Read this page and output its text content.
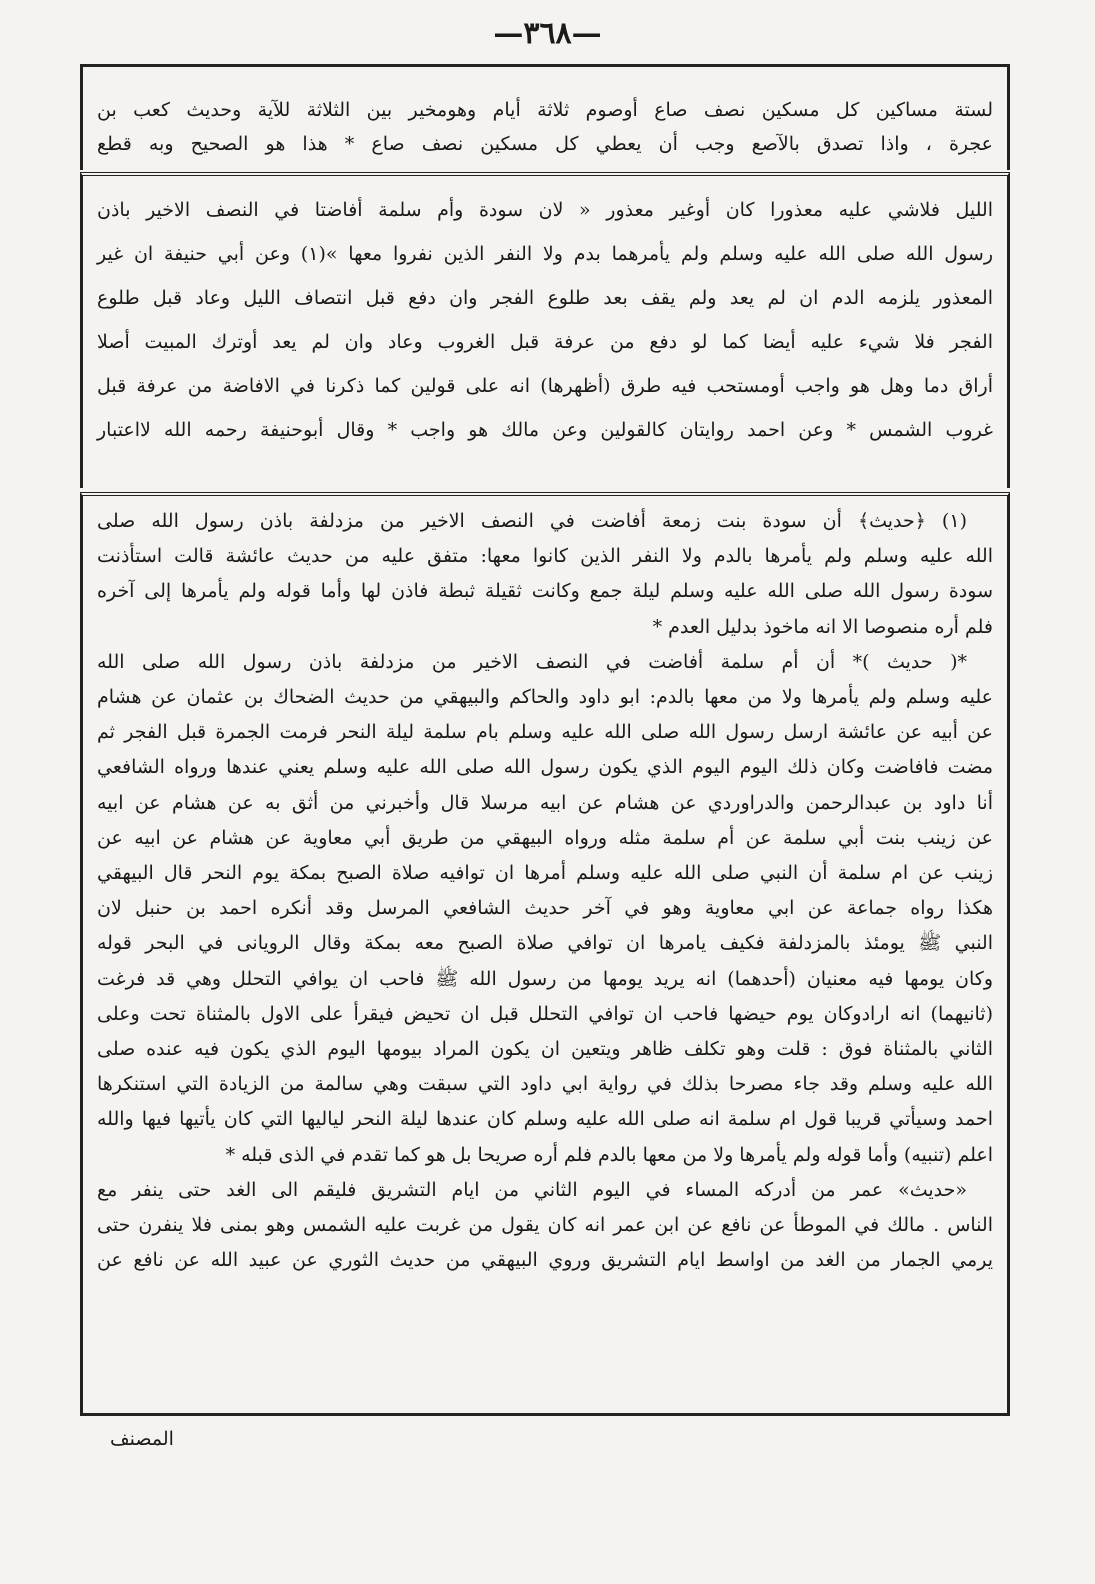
—٣٦٨—

لستة مساكين كل مسكين نصف صاع أوصوم ثلاثة أيام وهومخير بين الثلاثة للآية وحديث كعب بن

عجرة ، واذا تصدق بالآصع وجب أن يعطي كل مسكين نصف صاع * هذا هو الصحيح وبه قطع

الليل فلاشي عليه معذورا كان أوغير معذور « لان سودة وأم سلمة أفاضتا في النصف الاخير باذن

رسول الله صلى الله عليه وسلم ولم يأمرهما بدم ولا النفر الذين نفروا معها »(١) وعن أبي حنيفة ان غير

المعذور يلزمه الدم ان لم يعد ولم يقف بعد طلوع الفجر وان دفع قبل انتصاف الليل وعاد قبل طلوع

الفجر فلا شيء عليه أيضا كما لو دفع من عرفة قبل الغروب وعاد وان لم يعد أوترك المبيت أصلا

أراق دما وهل هو واجب أومستحب فيه طرق (أظهرها) انه على قولين كما ذكرنا في الافاضة من عرفة قبل

غروب الشمس * وعن احمد روايتان كالقولين وعن مالك هو واجب * وقال أبوحنيفة رحمه الله لااعتبار

(١) ﴿حديث﴾ أن سودة بنت زمعة أفاضت في النصف الاخير من مزدلفة باذن رسول الله صلى

الله عليه وسلم ولم يأمرها بالدم ولا النفر الذين كانوا معها: متفق عليه من حديث عائشة قالت استأذنت

سودة رسول الله صلى الله عليه وسلم ليلة جمع وكانت ثقيلة ثبطة فاذن لها وأما قوله ولم يأمرها إلى آخره

فلم أره منصوصا الا انه ماخوذ بدليل العدم *

*( حديث )* أن أم سلمة أفاضت في النصف الاخير من مزدلفة باذن رسول الله صلى الله

عليه وسلم ولم يأمرها ولا من معها بالدم: ابو داود والحاكم والبيهقي من حديث الضحاك بن عثمان عن هشام

عن أبيه عن عائشة ارسل رسول الله صلى الله عليه وسلم بام سلمة ليلة النحر فرمت الجمرة قبل الفجر ثم

مضت فافاضت وكان ذلك اليوم اليوم الذي يكون رسول الله صلى الله عليه وسلم يعني عندها ورواه الشافعي

أنا داود بن عبدالرحمن والدراوردي عن هشام عن ابيه مرسلا قال وأخبرني من أثق به عن هشام عن ابيه

عن زينب بنت أبي سلمة عن أم سلمة مثله ورواه البيهقي من طريق أبي معاوية عن هشام عن ابيه عن

زينب عن ام سلمة أن النبي صلى الله عليه وسلم أمرها ان توافيه صلاة الصبح بمكة يوم النحر قال البيهقي

هكذا رواه جماعة عن ابي معاوية وهو في آخر حديث الشافعي المرسل وقد أنكره احمد بن حنبل لان

النبي ﷺ يومئذ بالمزدلفة فكيف يامرها ان توافي صلاة الصبح معه بمكة وقال الرويانى في البحر قوله

وكان يومها فيه معنيان (أحدهما) انه يريد يومها من رسول الله ﷺ فاحب ان يوافي التحلل وهي قد فرغت

(ثانيهما) انه ارادوكان يوم حيضها فاحب ان توافي التحلل قبل ان تحيض فيقرأ على الاول بالمثناة تحت وعلى

الثاني بالمثناة فوق : قلت وهو تكلف ظاهر ويتعين ان يكون المراد بيومها اليوم الذي يكون فيه عنده صلى

الله عليه وسلم وقد جاء مصرحا بذلك في رواية ابي داود التي سبقت وهي سالمة من الزيادة التي استنكرها

احمد وسيأتي قريبا قول ام سلمة انه صلى الله عليه وسلم كان عندها ليلة النحر لياليها التي كان يأتيها فيها والله

اعلم (تنبيه) وأما قوله ولم يأمرها ولا من معها بالدم فلم أره صريحا بل هو كما تقدم في الذى قبله *

«حديث» عمر من أدركه المساء في اليوم الثاني من ايام التشريق فليقم الى الغد حتى ينفر مع

الناس . مالك في الموطأ عن نافع عن ابن عمر انه كان يقول من غربت عليه الشمس وهو بمنى فلا ينفرن حتى

يرمي الجمار من الغد من اواسط ايام التشريق وروي البيهقي من حديث الثوري عن عبيد الله عن نافع عن

المصنف
